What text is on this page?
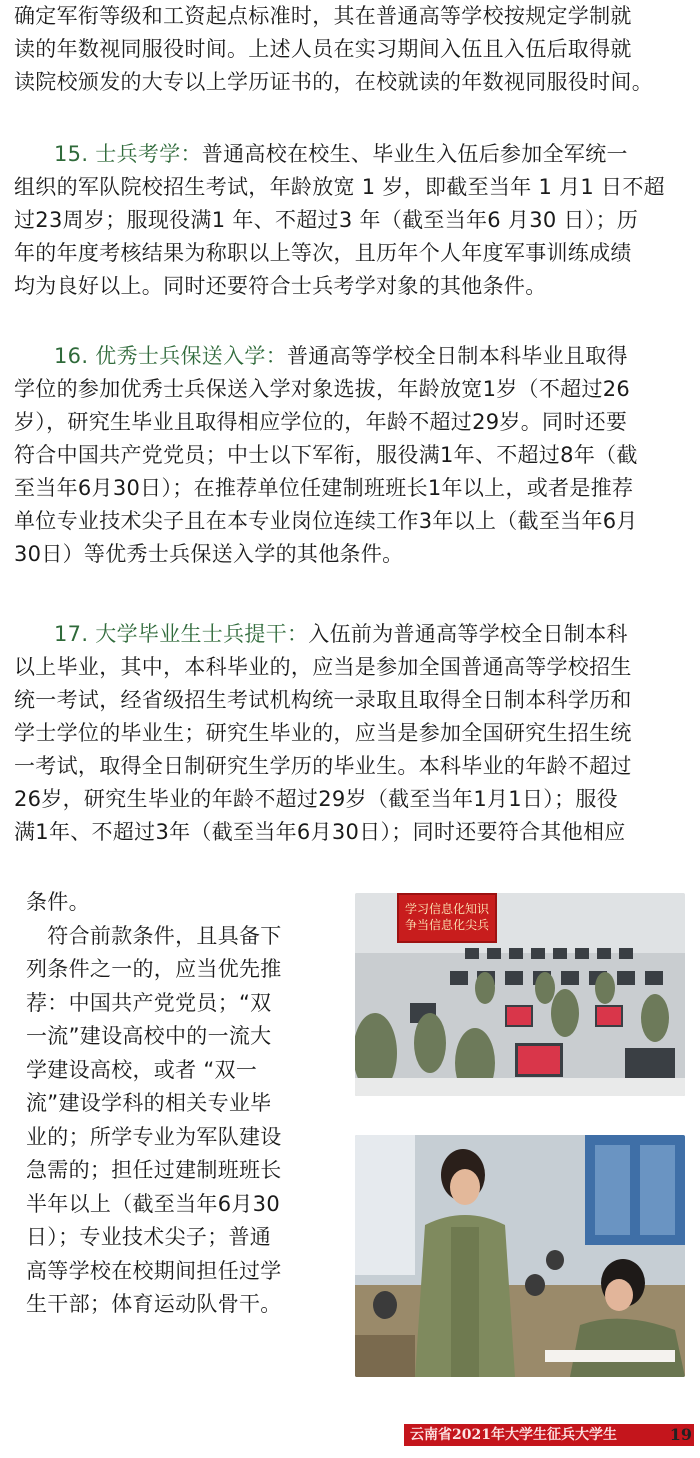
确定军衔等级和工资起点标准时，其在普通高等学校按规定学制就
读的年数视同服役时间。上述人员在实习期间入伍且入伍后取得就
读院校颁发的大专以上学历证书的，在校就读的年数视同服役时间。
15. 士兵考学：普通高校在校生、毕业生入伍后参加全军统一
组织的军队院校招生考试，年龄放宽 1 岁，即截至当年 1 月1 日不超
过23周岁；服现役满1 年、不超过3 年（截至当年6 月30 日）；历
年的年度考核结果为称职以上等次，且历年个人年度军事训练成绩
均为良好以上。同时还要符合士兵考学对象的其他条件。
16. 优秀士兵保送入学：普通高等学校全日制本科毕业且取得
学位的参加优秀士兵保送入学对象选拔，年龄放宽1岁（不超过26
岁），研究生毕业且取得相应学位的，年龄不超过29岁。同时还要
符合中国共产党党员；中士以下军衔，服役满1年、不超过8年（截
至当年6月30日）；在推荐单位任建制班班长1年以上，或者是推荐
单位专业技术尖子且在本专业岗位连续工作3年以上（截至当年6月
30日）等优秀士兵保送入学的其他条件。
17. 大学毕业生士兵提干：入伍前为普通高等学校全日制本科
以上毕业，其中，本科毕业的，应当是参加全国普通高等学校招生
统一考试，经省级招生考试机构统一录取且取得全日制本科学历和
学士学位的毕业生；研究生毕业的，应当是参加全国研究生招生统
一考试，取得全日制研究生学历的毕业生。本科毕业的年龄不超过
26岁，研究生毕业的年龄不超过29岁（截至当年1月1日）；服役
满1年、不超过3年（截至当年6月30日）；同时还要符合其他相应
条件。
　符合前款条件，且具备下
列条件之一的，应当优先推
荐：中国共产党党员；“双
一流”建设高校中的一流大
学建设高校，或者 “双一
流”建设学科的相关专业毕
业的；所学专业为军队建设
急需的；担任过建制班班长
半年以上（截至当年6月30
日）；专业技术尖子；普通
高等学校在校期间担任过学
生干部；体育运动队骨干。
学习信息化知识
争当信息化尖兵
云南省2021年大学生征兵大学生	19
